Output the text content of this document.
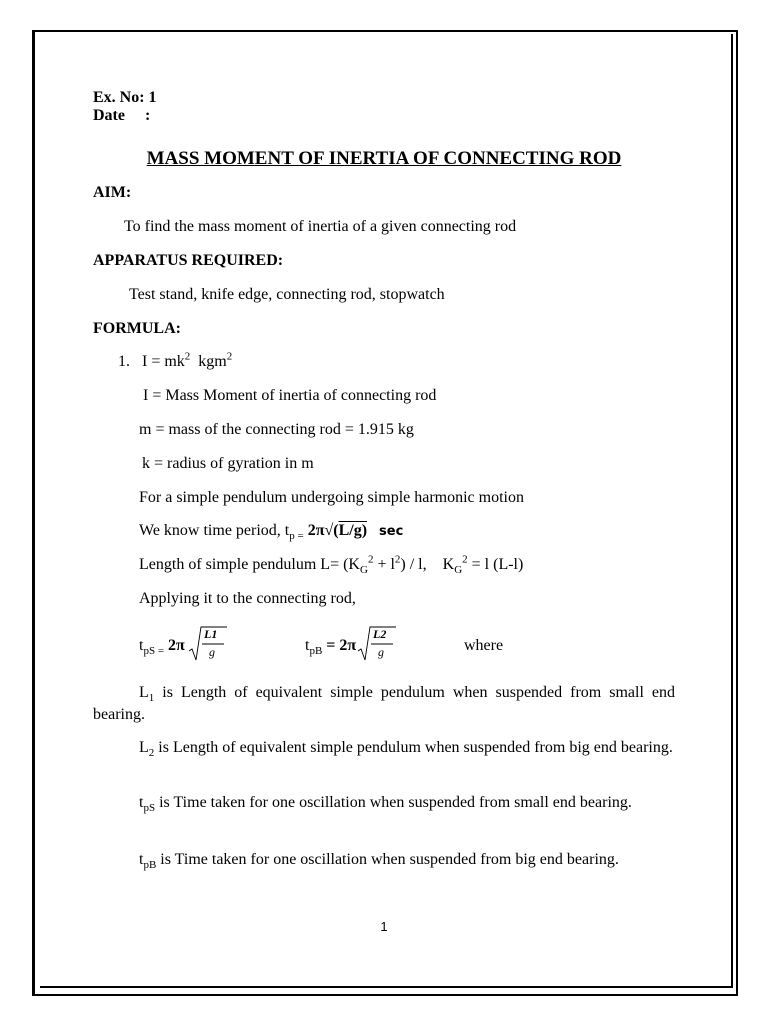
Ex. No: 1
Date     :
MASS MOMENT OF INERTIA OF CONNECTING ROD
AIM:
To find the mass moment of inertia of a given connecting rod
APPARATUS REQUIRED:
Test stand, knife edge, connecting rod, stopwatch
FORMULA:
1. $I = mk^2$ kgm$^2$
I = Mass Moment of inertia of connecting rod
m = mass of the connecting rod = 1.915 kg
k = radius of gyration in m
For a simple pendulum undergoing simple harmonic motion
We know time period, $t_{p =}$ 2π√(L/g) sec
Length of simple pendulum $L= (K_G^2 + l^2) / l$, $K_G^2 = l$ (L-l)
Applying it to the connecting rod,
$t_{pS =}$ 2π
L1
g	$t_{pB} = 2\pi$
L2
g	where
$L_1$ is Length of equivalent simple pendulum when suspended from small end bearing.
$L_2$ is Length of equivalent simple pendulum when suspended from big end bearing.
$t_{pS}$ is Time taken for one oscillation when suspended from small end bearing.
$t_{pB}$ is Time taken for one oscillation when suspended from big end bearing.
1
